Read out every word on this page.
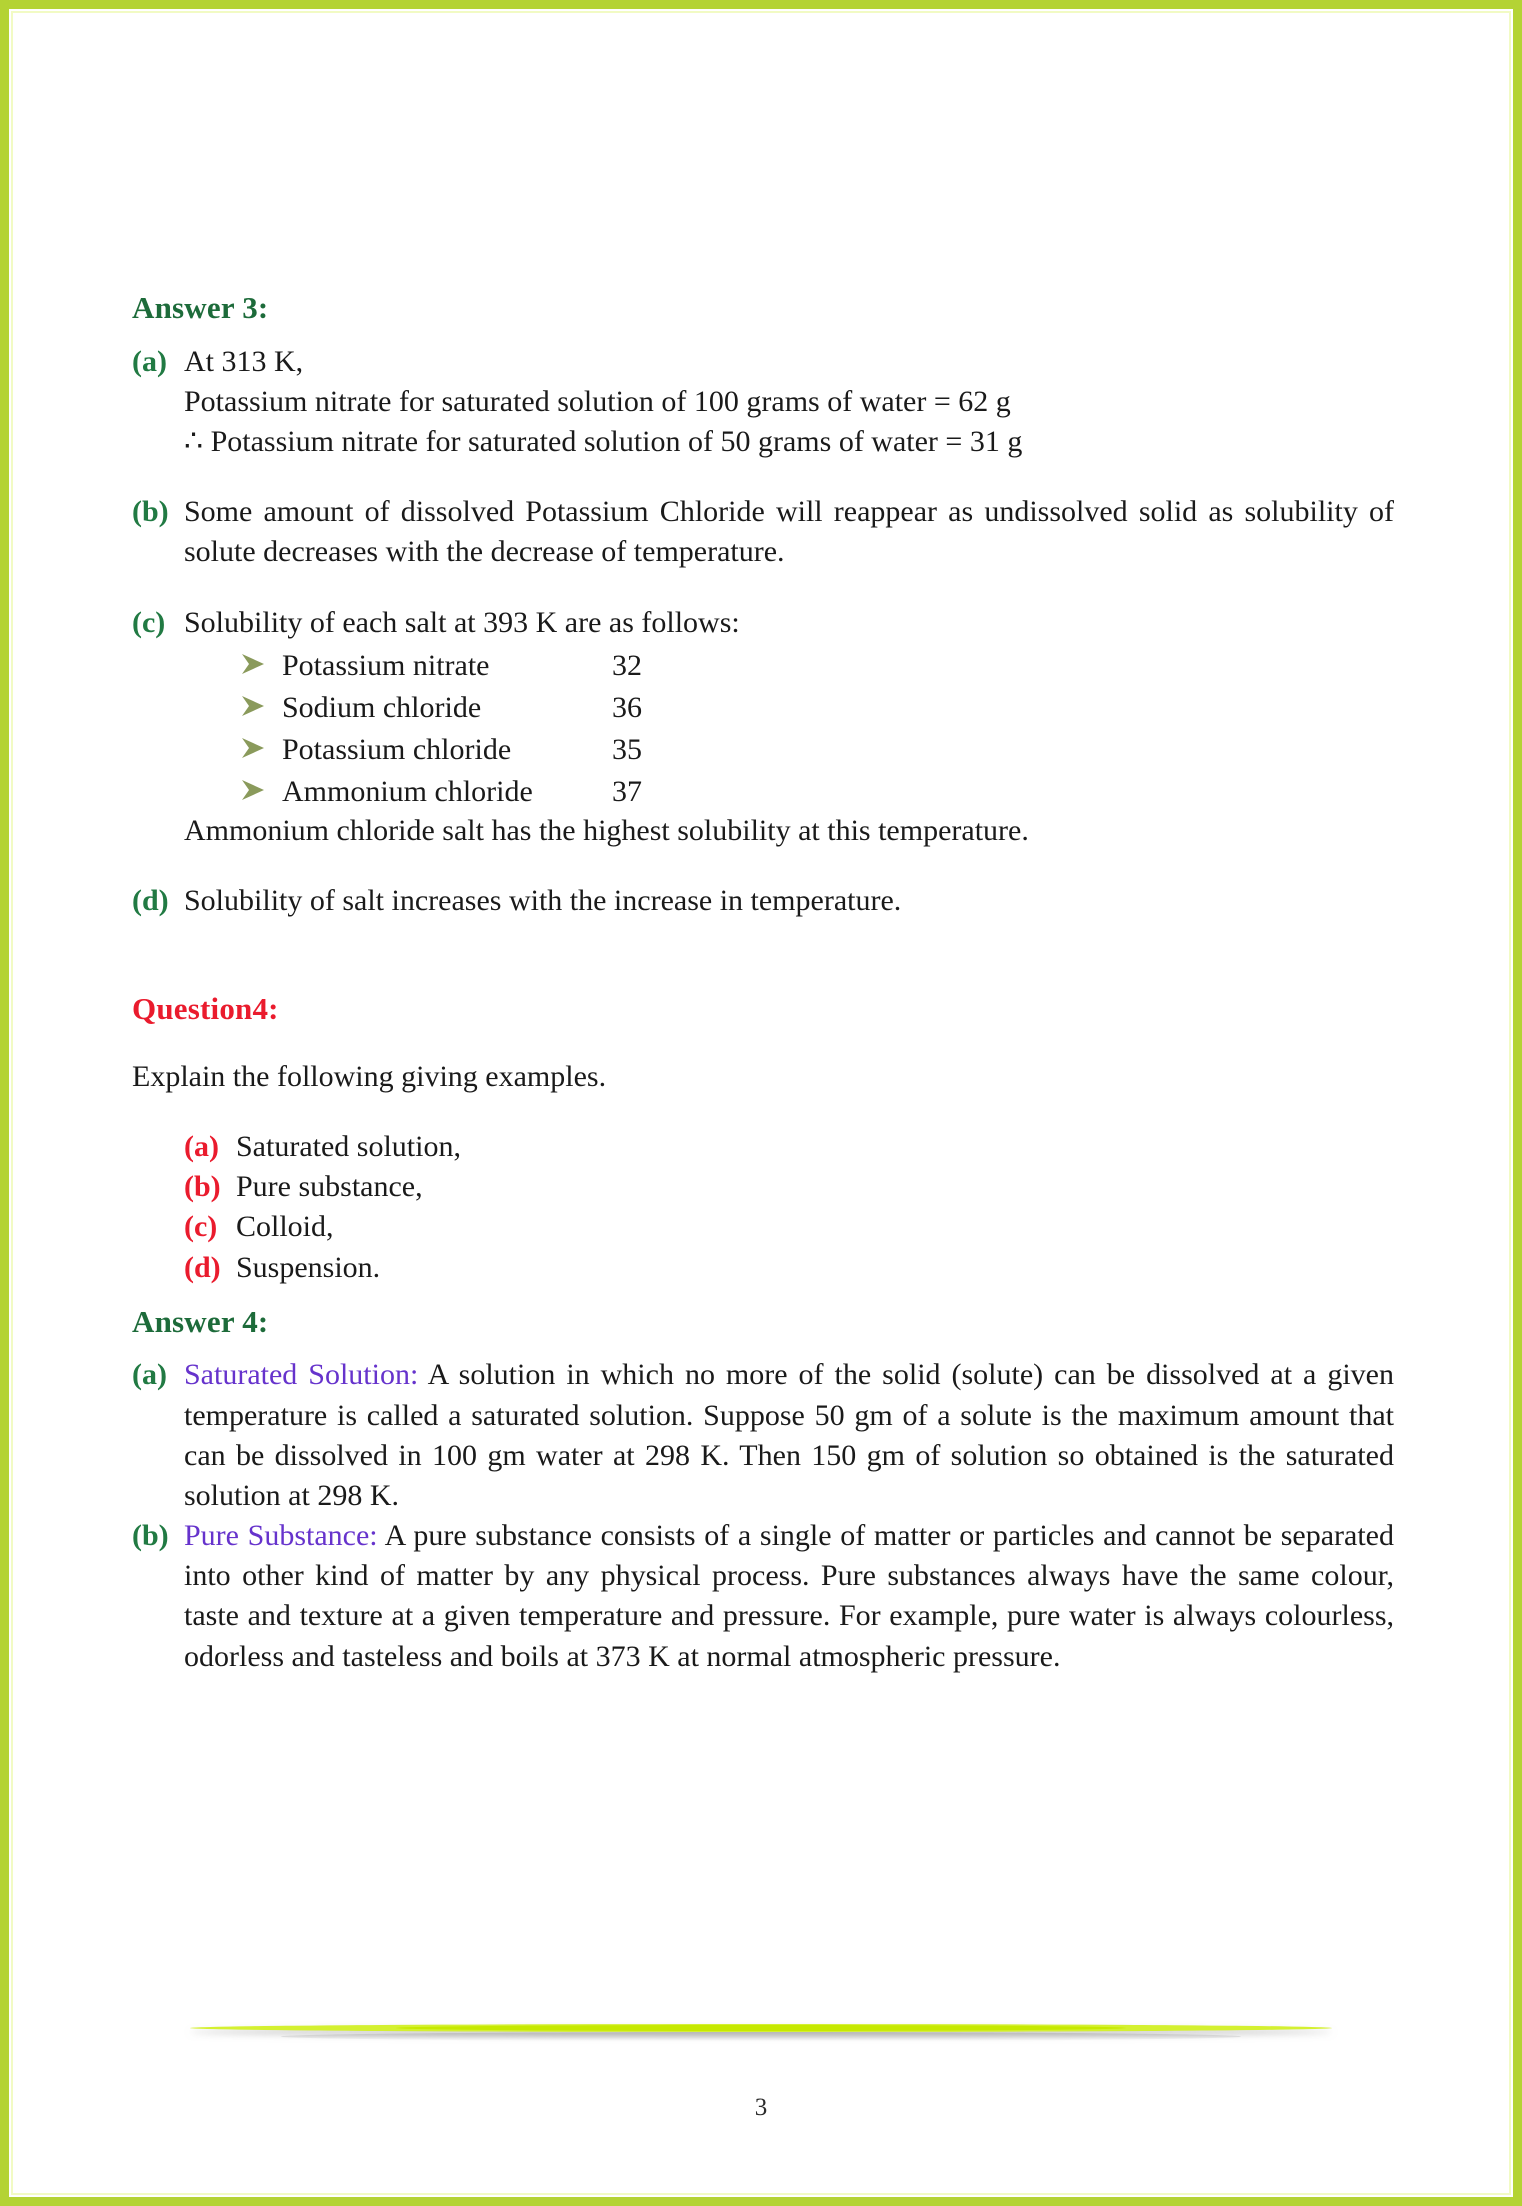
Answer 3:
(a) At 313 K,
Potassium nitrate for saturated solution of 100 grams of water = 62 g
∴ Potassium nitrate for saturated solution of 50 grams of water = 31 g
(b) Some amount of dissolved Potassium Chloride will reappear as undissolved solid as solubility of solute decreases with the decrease of temperature.
(c) Solubility of each salt at 393 K are as follows:
Potassium nitrate	32
Sodium chloride	36
Potassium chloride	35
Ammonium chloride	37
Ammonium chloride salt has the highest solubility at this temperature.
(d) Solubility of salt increases with the increase in temperature.
Question4:
Explain the following giving examples.
(a) Saturated solution,
(b) Pure substance,
(c) Colloid,
(d) Suspension.
Answer 4:
(a) Saturated Solution: A solution in which no more of the solid (solute) can be dissolved at a given temperature is called a saturated solution. Suppose 50 gm of a solute is the maximum amount that can be dissolved in 100 gm water at 298 K. Then 150 gm of solution so obtained is the saturated solution at 298 K.
(b) Pure Substance: A pure substance consists of a single of matter or particles and cannot be separated into other kind of matter by any physical process. Pure substances always have the same colour, taste and texture at a given temperature and pressure. For example, pure water is always colourless, odorless and tasteless and boils at 373 K at normal atmospheric pressure.
3
